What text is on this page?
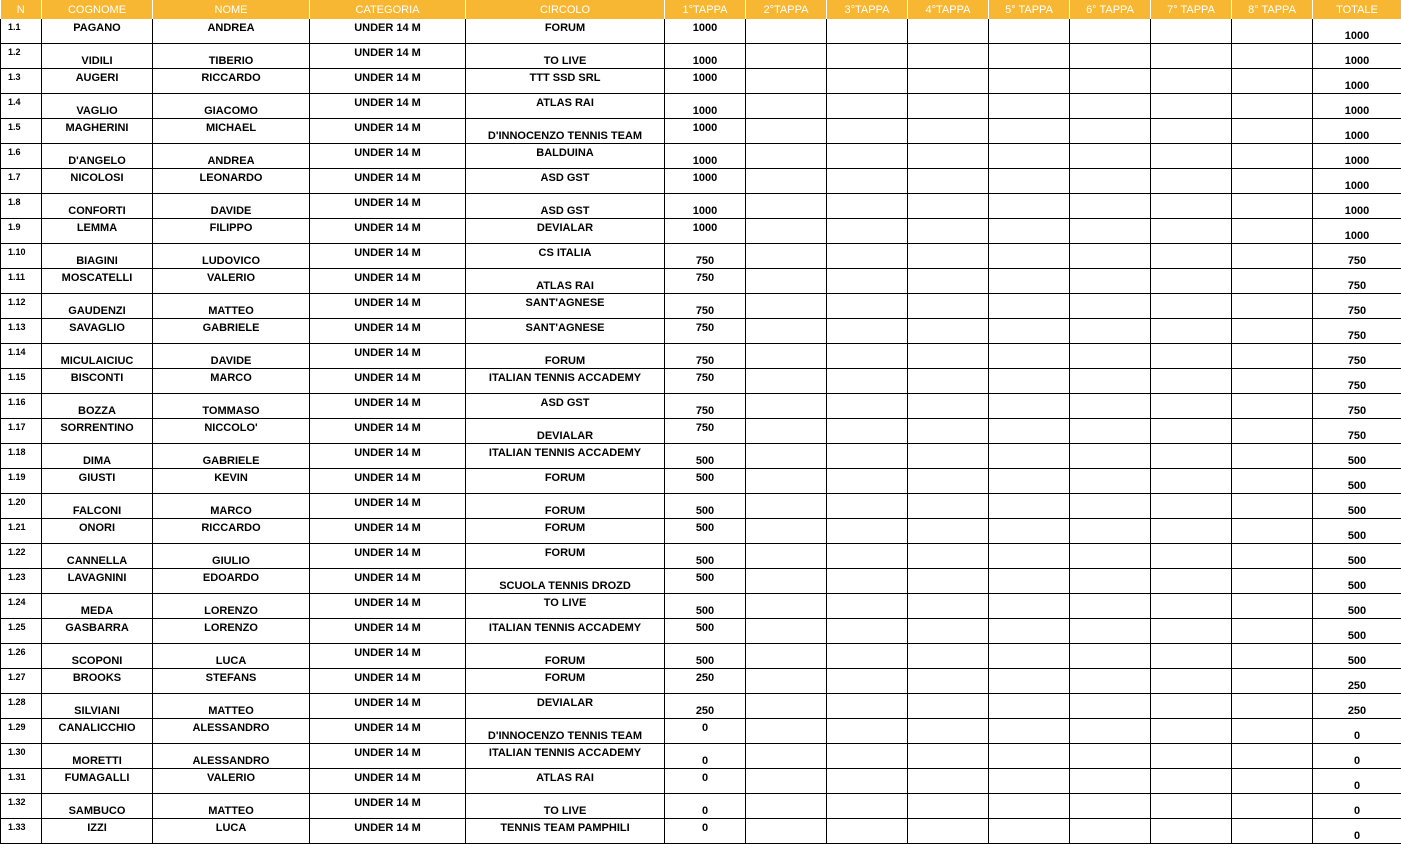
N	COGNOME	NOME	CATEGORIA	CIRCOLO	1°TAPPA	2°TAPPA	3°TAPPA	4°TAPPA	5° TAPPA	6° TAPPA	7° TAPPA	8° TAPPA	TOTALE
1.1	PAGANO	ANDREA	UNDER 14 M	FORUM	1000								1000
1.2	VIDILI	TIBERIO	UNDER 14 M	TO LIVE	1000								1000
1.3	AUGERI	RICCARDO	UNDER 14 M	TTT SSD SRL	1000								1000
1.4	VAGLIO	GIACOMO	UNDER 14 M	ATLAS RAI	1000								1000
1.5	MAGHERINI	MICHAEL	UNDER 14 M	D'INNOCENZO TENNIS TEAM	1000								1000
1.6	D'ANGELO	ANDREA	UNDER 14 M	BALDUINA	1000								1000
1.7	NICOLOSI	LEONARDO	UNDER 14 M	ASD GST	1000								1000
1.8	CONFORTI	DAVIDE	UNDER 14 M	ASD GST	1000								1000
1.9	LEMMA	FILIPPO	UNDER 14 M	DEVIALAR	1000								1000
1.10	BIAGINI	LUDOVICO	UNDER 14 M	CS ITALIA	750								750
1.11	MOSCATELLI	VALERIO	UNDER 14 M	ATLAS RAI	750								750
1.12	GAUDENZI	MATTEO	UNDER 14 M	SANT'AGNESE	750								750
1.13	SAVAGLIO	GABRIELE	UNDER 14 M	SANT'AGNESE	750								750
1.14	MICULAICIUC	DAVIDE	UNDER 14 M	FORUM	750								750
1.15	BISCONTI	MARCO	UNDER 14 M	ITALIAN TENNIS ACCADEMY	750								750
1.16	BOZZA	TOMMASO	UNDER 14 M	ASD GST	750								750
1.17	SORRENTINO	NICCOLO'	UNDER 14 M	DEVIALAR	750								750
1.18	DIMA	GABRIELE	UNDER 14 M	ITALIAN TENNIS ACCADEMY	500								500
1.19	GIUSTI	KEVIN	UNDER 14 M	FORUM	500								500
1.20	FALCONI	MARCO	UNDER 14 M	FORUM	500								500
1.21	ONORI	RICCARDO	UNDER 14 M	FORUM	500								500
1.22	CANNELLA	GIULIO	UNDER 14 M	FORUM	500								500
1.23	LAVAGNINI	EDOARDO	UNDER 14 M	SCUOLA TENNIS DROZD	500								500
1.24	MEDA	LORENZO	UNDER 14 M	TO LIVE	500								500
1.25	GASBARRA	LORENZO	UNDER 14 M	ITALIAN TENNIS ACCADEMY	500								500
1.26	SCOPONI	LUCA	UNDER 14 M	FORUM	500								500
1.27	BROOKS	STEFANS	UNDER 14 M	FORUM	250								250
1.28	SILVIANI	MATTEO	UNDER 14 M	DEVIALAR	250								250
1.29	CANALICCHIO	ALESSANDRO	UNDER 14 M	D'INNOCENZO TENNIS TEAM	0								0
1.30	MORETTI	ALESSANDRO	UNDER 14 M	ITALIAN TENNIS ACCADEMY	0								0
1.31	FUMAGALLI	VALERIO	UNDER 14 M	ATLAS RAI	0								0
1.32	SAMBUCO	MATTEO	UNDER 14 M	TO LIVE	0								0
1.33	IZZI	LUCA	UNDER 14 M	TENNIS TEAM PAMPHILI	0								0
